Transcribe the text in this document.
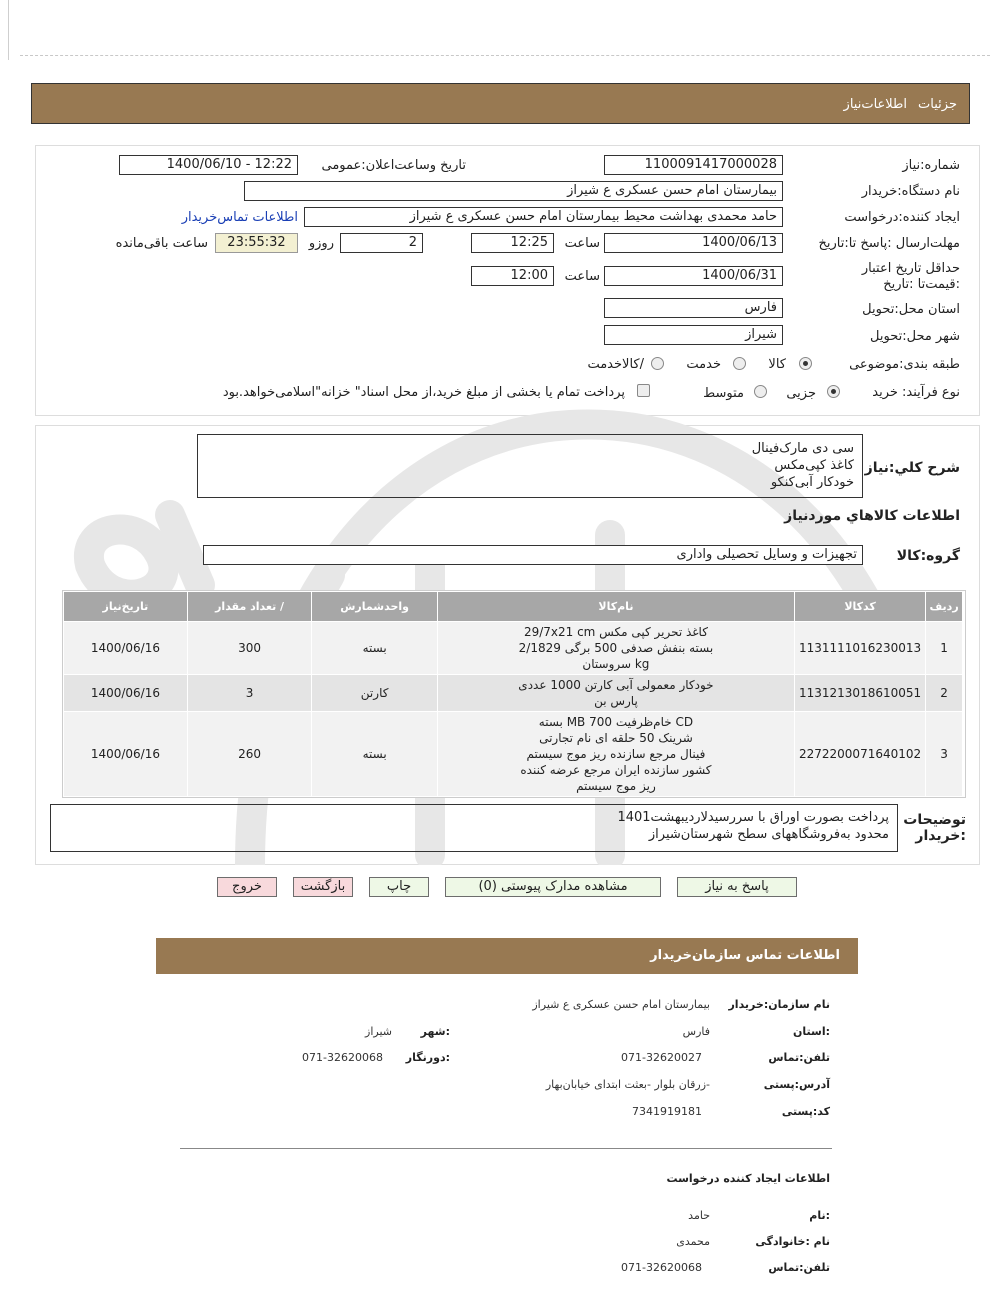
جزئیات
اطلاعات‌نیاز
شماره:نیاز
1100091417000028
تاریخ وساعت‌اعلان:عمومی
1400/06/10 - 12:22
نام دستگاه:خریدار
بیمارستان امام حسن عسکری ع شیراز
ایجاد کننده:درخواست
حامد محمدی بهداشت محیط بیمارستان امام حسن عسکری ع شیراز
اطلاعات تماس‌خریدار
مهلت‌ارسال :پاسخ تا:تاریخ
1400/06/13
ساعت
12:25
2
روزو
23:55:32
ساعت باقی‌مانده
حداقل تاریخ اعتبار :قیمت‌تا :تاریخ
1400/06/31
ساعت
12:00
استان محل:تحویل
فارس
شهر محل:تحویل
شیراز
طبقه بندی:موضوعی
کالا
خدمت
/کالاخدمت
نوع فرآیند: خرید
جزیی
متوسط
پرداخت تمام یا بخشی از مبلغ خرید،از محل اسناد" خزانه"اسلامی‌خواهد.بود
شرح کلي:نياز
سی دی مارک‌فینال
کاغذ کپی‌مکس
خودکار آبی‌کنکو
اطلاعات کالاهاي موردنياز
گروه:کالا
تجهیزات و وسایل تحصیلی واداری
رديف	کدکالا	نام‌کالا	واحدشمارش	/ تعداد مقدار	تاريخ‌نياز
1	1131111016230013	کاغذ تحریر کپی مکس 29/7x21 cm
بسته بنفش صدفی 500 برگی 2/1829
kg سروستان	بسته	300	1400/06/16
2	1131213018610051	خودکار معمولی آبی کارتن 1000 عددی
پارس بن	کارتن	3	1400/06/16
3	2272200071640102	CD خام‌ظرفیت 700 MB بسته
شرینک 50 حلقه ای نام تجارتی
فینال مرجع سازنده ریز موج سیستم
کشور سازنده ایران مرجع عرضه کننده
ریز موج سیستم	بسته	260	1400/06/16
توضیحات :خریدار
پرداخت بصورت اوراق با سررسیدلاردیبهشت1401
محدود به‌فروشگاههای سطح شهرستان‌شیراز
پاسخ به نیاز
مشاهده مدارک پیوستی (0)
چاپ
بازگشت
خروج
اطلاعات تماس سازمان‌خریدار
نام سازمان:خریدار
بیمارستان امام حسن عسکری ع شیراز
:استان
فارس
:شهر
شیراز
تلفن:تماس
071-32620027
:دورنگار
071-32620068
آدرس:پستی
-زرقان بلوار -بعثت ابتدای خیابان‌بهار
کد:پستی
7341919181
اطلاعات ایجاد کننده درخواست
:نام
حامد
نام :خانوادگی
محمدی
تلفن:تماس
071-32620068
